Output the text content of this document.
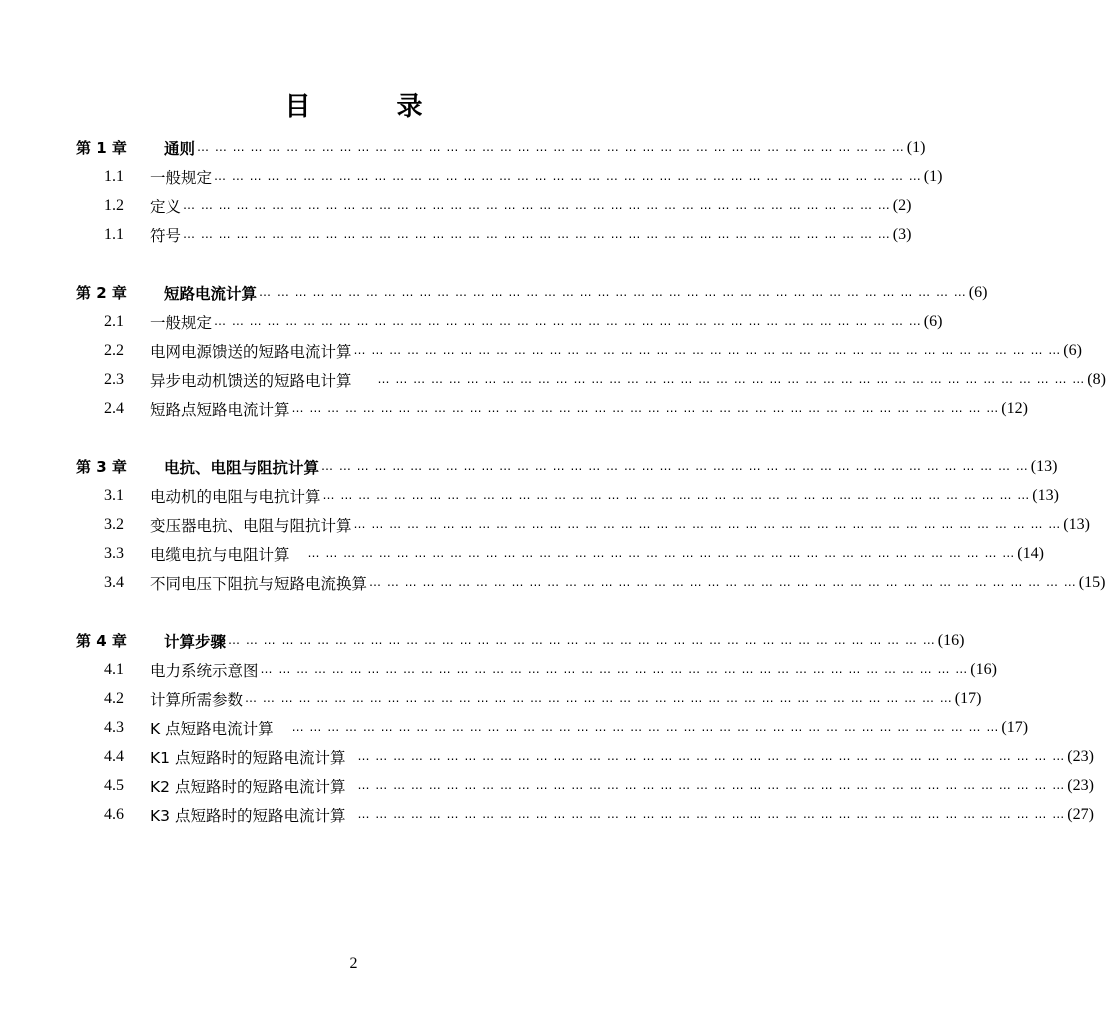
目　录
第 1 章	通则 … … … … … … … … … … … … … … … … … … … … … … … … … … … … … … … … … … … … … … … … (1)
1.1	一般规定 … … … … … … … … … … … … … … … … … … … … … … … … … … … … … … … … … … … … … … … … (1)
1.2	定义 … … … … … … … … … … … … … … … … … … … … … … … … … … … … … … … … … … … … … … … … (2)
1.1	符号 … … … … … … … … … … … … … … … … … … … … … … … … … … … … … … … … … … … … … … … … (3)
第 2 章	短路电流计算 … … … … … … … … … … … … … … … … … … … … … … … … … … … … … … … … … … … … … … … … (6)
2.1	一般规定 … … … … … … … … … … … … … … … … … … … … … … … … … … … … … … … … … … … … … … … … (6)
2.2	电网电源馈送的短路电流计算 … … … … … … … … … … … … … … … … … … … … … … … … … … … … … … … … … … … … … … … … (6)
2.3	异步电动机馈送的短路电计算 … … … … … … … … … … … … … … … … … … … … … … … … … … … … … … … … … … … … … … … … (8)
2.4	短路点短路电流计算 … … … … … … … … … … … … … … … … … … … … … … … … … … … … … … … … … … … … … … … … (12)
第 3 章	电抗、电阻与阻抗计算 … … … … … … … … … … … … … … … … … … … … … … … … … … … … … … … … … … … … … … … … (13)
3.1	电动机的电阻与电抗计算 … … … … … … … … … … … … … … … … … … … … … … … … … … … … … … … … … … … … … … … … (13)
3.2	变压器电抗、电阻与阻抗计算 … … … … … … … … … … … … … … … … … … … … … … … … … … … … … … … … … … … … … … … … (13)
3.3	电缆电抗与电阻计算 … … … … … … … … … … … … … … … … … … … … … … … … … … … … … … … … … … … … … … … … (14)
3.4	不同电压下阻抗与短路电流换算 … … … … … … … … … … … … … … … … … … … … … … … … … … … … … … … … … … … … … … … … (15)
第 4 章	计算步骤 … … … … … … … … … … … … … … … … … … … … … … … … … … … … … … … … … … … … … … … … (16)
4.1	电力系统示意图 … … … … … … … … … … … … … … … … … … … … … … … … … … … … … … … … … … … … … … … … (16)
4.2	计算所需参数 … … … … … … … … … … … … … … … … … … … … … … … … … … … … … … … … … … … … … … … … (17)
4.3	K 点短路电流计算 … … … … … … … … … … … … … … … … … … … … … … … … … … … … … … … … … … … … … … … … (17)
4.4	K1 点短路时的短路电流计算 … … … … … … … … … … … … … … … … … … … … … … … … … … … … … … … … … … … … … … … … (23)
4.5	K2 点短路时的短路电流计算 … … … … … … … … … … … … … … … … … … … … … … … … … … … … … … … … … … … … … … … … (23)
4.6	K3 点短路时的短路电流计算 … … … … … … … … … … … … … … … … … … … … … … … … … … … … … … … … … … … … … … … … (27)
2
